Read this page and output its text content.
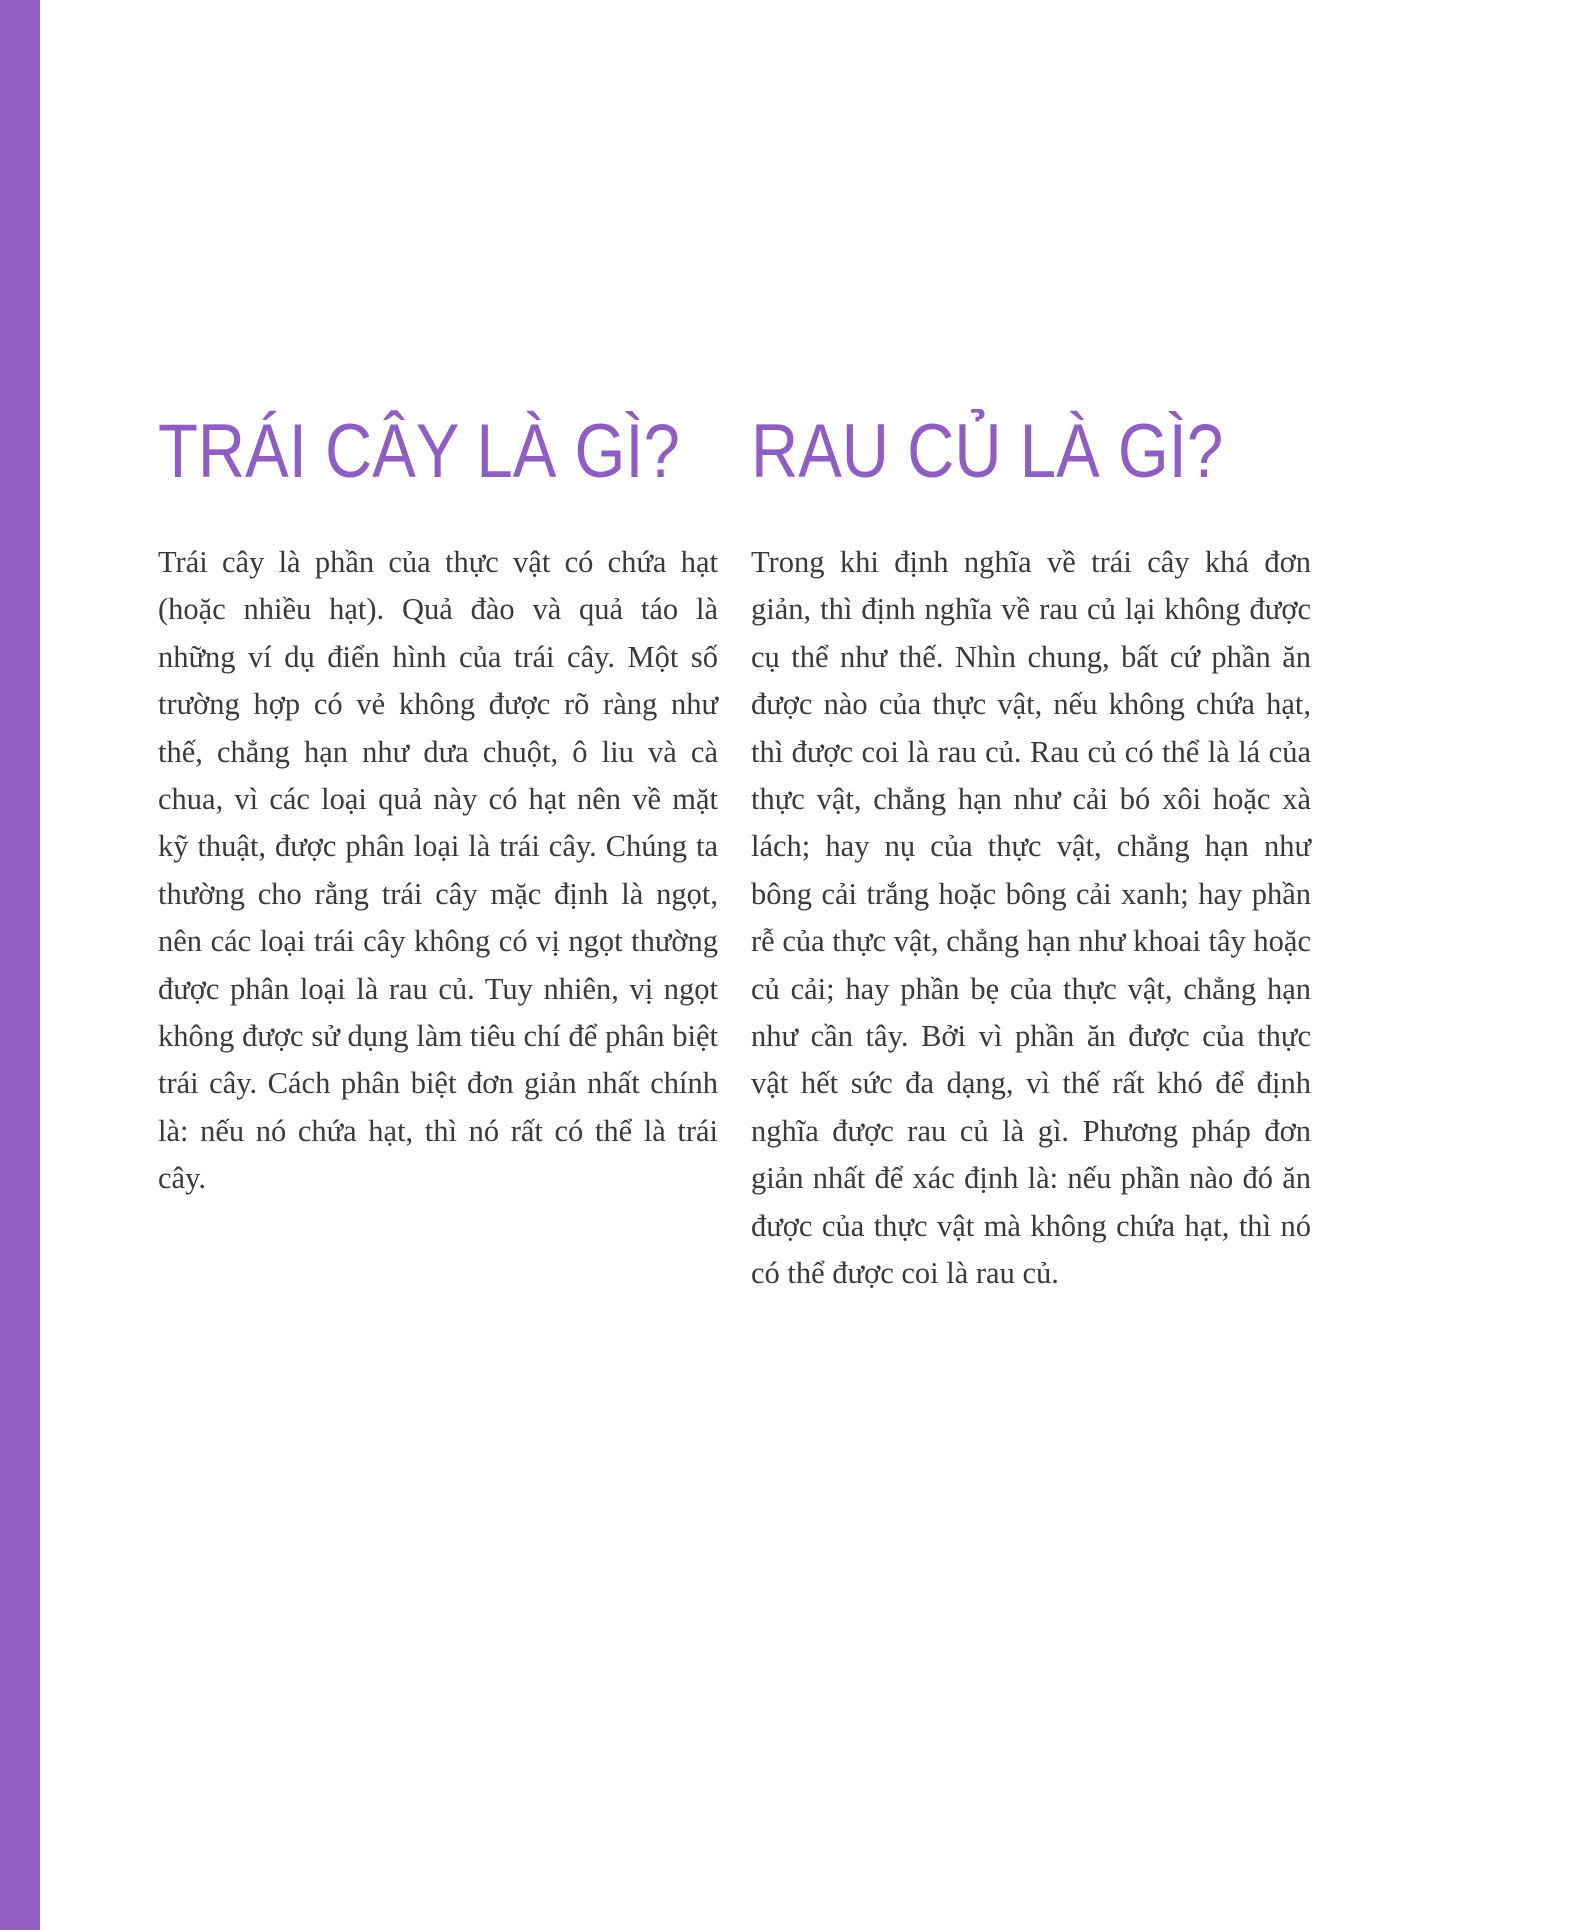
TRÁI CÂY LÀ GÌ?

Trái cây là phần của thực vật có chứa hạt (hoặc nhiều hạt). Quả đào và quả táo là những ví dụ điển hình của trái cây. Một số trường hợp có vẻ không được rõ ràng như thế, chẳng hạn như dưa chuột, ô liu và cà chua, vì các loại quả này có hạt nên về mặt kỹ thuật, được phân loại là trái cây. Chúng ta thường cho rằng trái cây mặc định là ngọt, nên các loại trái cây không có vị ngọt thường được phân loại là rau củ. Tuy nhiên, vị ngọt không được sử dụng làm tiêu chí để phân biệt trái cây. Cách phân biệt đơn giản nhất chính là: nếu nó chứa hạt, thì nó rất có thể là trái cây.

RAU CỦ LÀ GÌ?

Trong khi định nghĩa về trái cây khá đơn giản, thì định nghĩa về rau củ lại không được cụ thể như thế. Nhìn chung, bất cứ phần ăn được nào của thực vật, nếu không chứa hạt, thì được coi là rau củ. Rau củ có thể là lá của thực vật, chẳng hạn như cải bó xôi hoặc xà lách; hay nụ của thực vật, chẳng hạn như bông cải trắng hoặc bông cải xanh; hay phần rễ của thực vật, chẳng hạn như khoai tây hoặc củ cải; hay phần bẹ của thực vật, chẳng hạn như cần tây. Bởi vì phần ăn được của thực vật hết sức đa dạng, vì thế rất khó để định nghĩa được rau củ là gì. Phương pháp đơn giản nhất để xác định là: nếu phần nào đó ăn được của thực vật mà không chứa hạt, thì nó có thể được coi là rau củ.
